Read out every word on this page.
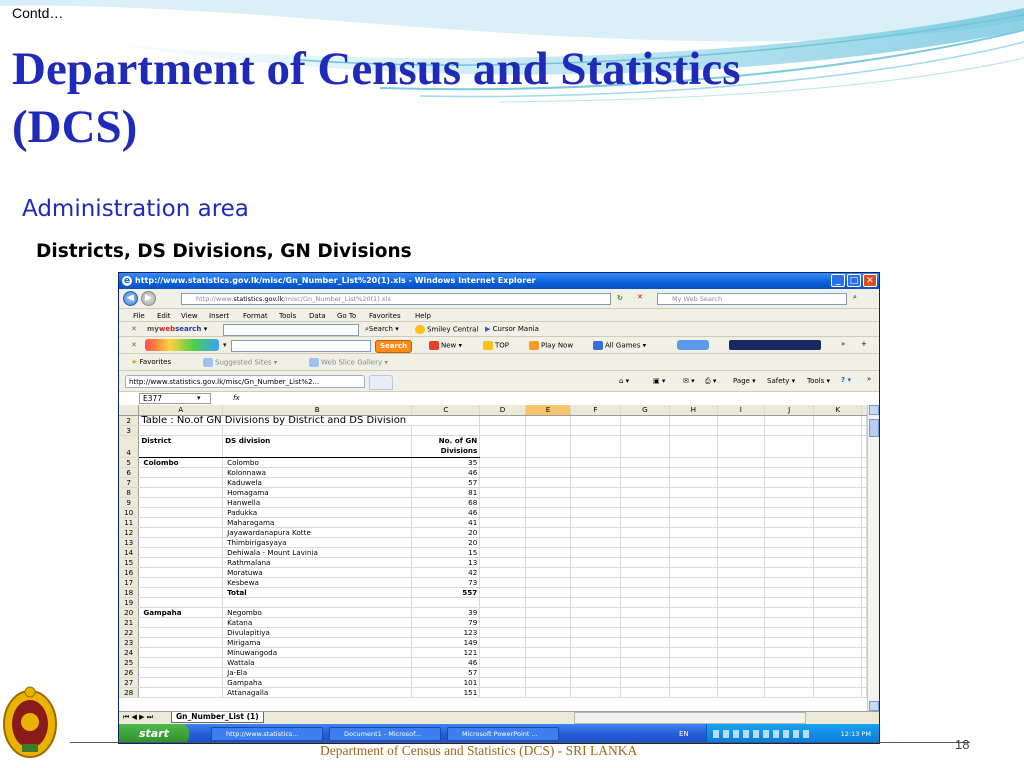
Contd…
Department of Census and Statistics
(DCS)
Administration area
Districts, DS Divisions, GN Divisions
e http://www.statistics.gov.lk/misc/Gn_Number_List%20(1).xls - Windows Internet Explorer	_	□ ✕
◀	▶	http://www.statistics.gov.lk/misc/Gn_Number_List%20(1).xls	↻ ✕	My Web Search	⌕
File Edit View Insert Format Tools Data Go To Favorites Help
✕ mywebsearch ▾	⌕Search ▾	Smiley Central ▶ Cursor Mania
✕	▾	Search	New ▾	TOP	Play Now	All Games ▾	» +
★ Favorites	Suggested Sites ▾	Web Slice Gallery ▾
http://www.statistics.gov.lk/misc/Gn_Number_List%2...	⌂ ▾	▣ ▾	✉ ▾ ⎙ ▾ Page ▾ Safety ▾ Tools ▾ ? ▾ »
E377	▾	fx
	A	B	C	D	E	F	G	H	I	J	K	
2	Table : No.of GN Divisions by District and DS Division											
3												
4	District	DS division	No. of GN
Divisions									

5	Colombo	Colombo	35									
6		Kolonnawa	46									
7		Kaduwela	57									
8		Homagama	81									
9		Hanwella	68									
10		Padukka	46									
11		Maharagama	41									
12		Jayawardanapura Kotte	20									
13		Thimbirigasyaya	20									
14		Dehiwala - Mount Lavinia	15									
15		Rathmalana	13									
16		Moratuwa	42									
17		Kesbewa	73									
18		Total	557									
19												
20	Gampaha	Negombo	39									
21		Katana	79									
22		Divulapitiya	123									
23		Mirigama	149									
24		Minuwangoda	121									
25		Wattala	46									
26		Ja-Ela	57									
27		Gampaha	101									
28		Attanagalla	151									
⏮ ◀ ▶ ⏭	Gn_Number_List (1)
start	http://www.statistics...	Document1 - Microsof...	Microsoft PowerPoint ...	EN	12:13 PM
Department of Census and Statistics (DCS) - SRI LANKA	18
